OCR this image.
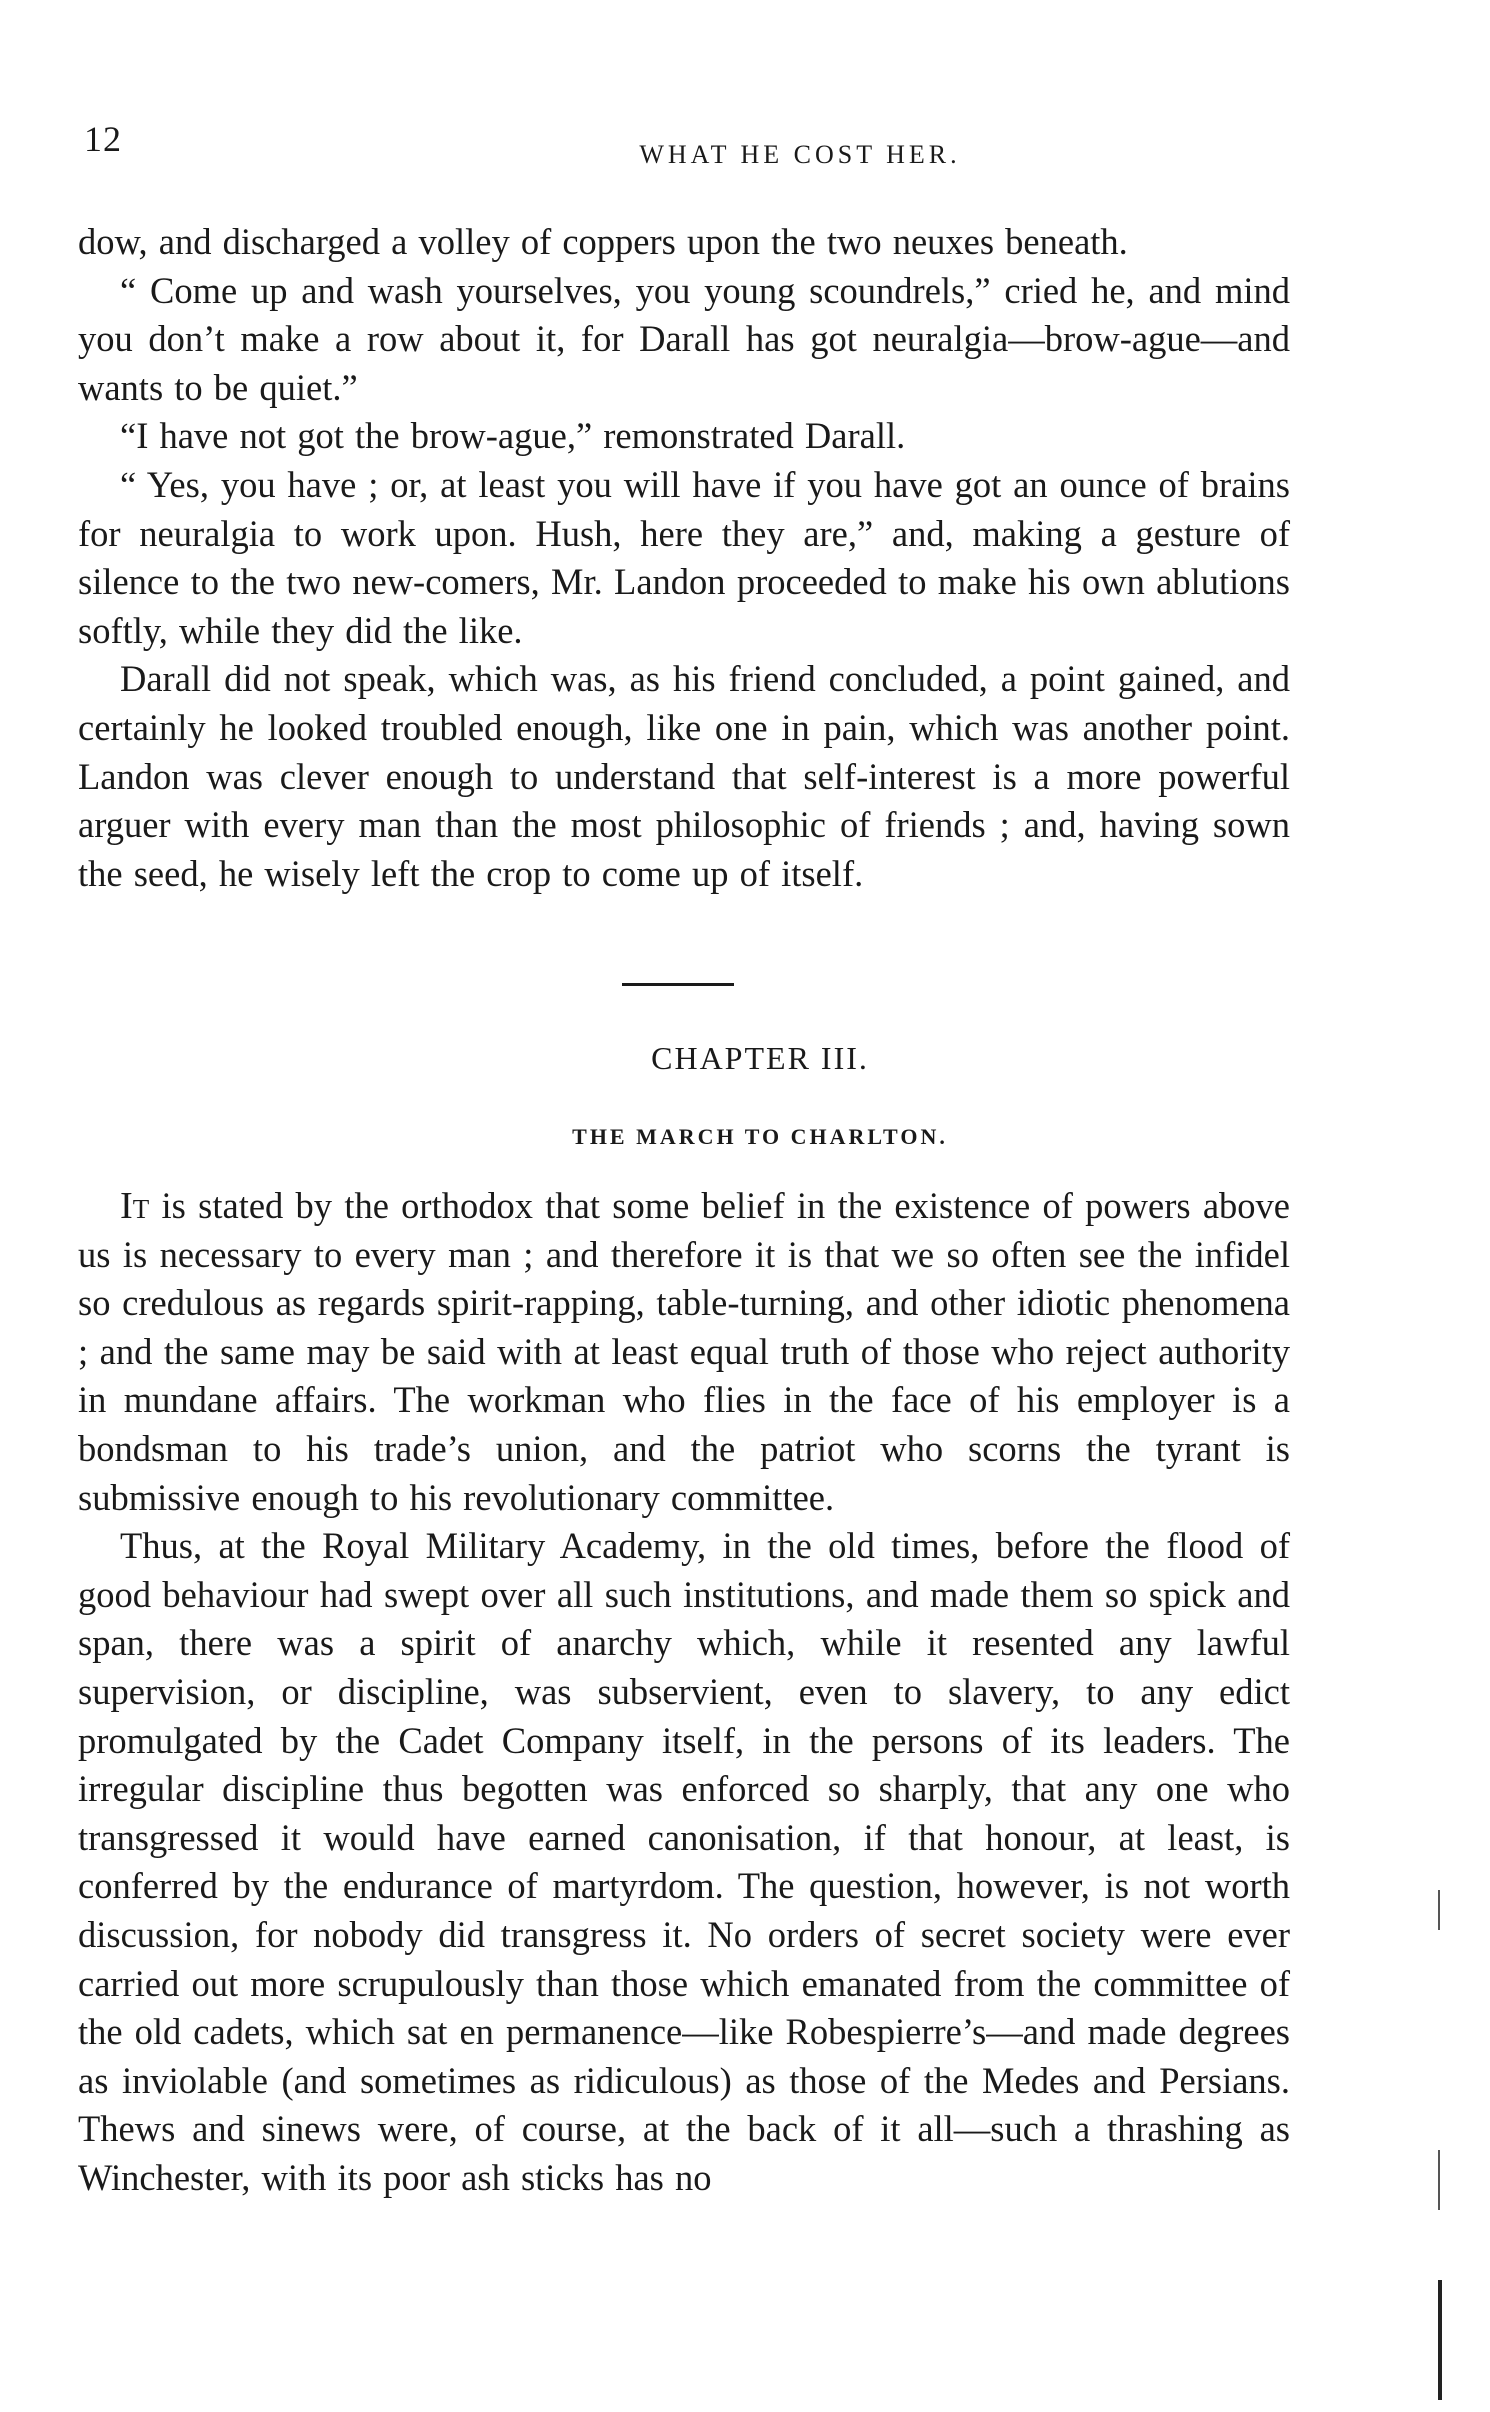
12	WHAT HE COST HER.

dow, and discharged a volley of coppers upon the two neuxes beneath.

“ Come up and wash yourselves, you young scoundrels,” cried he, and mind you don’t make a row about it, for Darall has got neuralgia—brow-ague—and wants to be quiet.”

“I have not got the brow-ague,” remonstrated Darall.

“ Yes, you have ; or, at least you will have if you have got an ounce of brains for neuralgia to work upon. Hush, here they are,” and, making a gesture of silence to the two new-comers, Mr. Landon proceeded to make his own ablutions softly, while they did the like.

Darall did not speak, which was, as his friend concluded, a point gained, and certainly he looked troubled enough, like one in pain, which was another point. Landon was clever enough to understand that self-interest is a more powerful arguer with every man than the most philosophic of friends ; and, having sown the seed, he wisely left the crop to come up of itself.

CHAPTER III.
THE MARCH TO CHARLTON.

It is stated by the orthodox that some belief in the existence of powers above us is necessary to every man ; and therefore it is that we so often see the infidel so credulous as regards spirit-rapping, table-turning, and other idiotic phenomena ; and the same may be said with at least equal truth of those who reject authority in mundane affairs. The workman who flies in the face of his employer is a bondsman to his trade’s union, and the patriot who scorns the tyrant is submissive enough to his revolutionary committee.

Thus, at the Royal Military Academy, in the old times, before the flood of good behaviour had swept over all such institutions, and made them so spick and span, there was a spirit of anarchy which, while it resented any lawful supervision, or discipline, was subservient, even to slavery, to any edict promulgated by the Cadet Company itself, in the persons of its leaders. The irregular discipline thus begotten was enforced so sharply, that any one who transgressed it would have earned canonisation, if that honour, at least, is conferred by the endurance of martyrdom. The question, however, is not worth discussion, for nobody did transgress it. No orders of secret society were ever carried out more scrupulously than those which emanated from the committee of the old cadets, which sat en permanence—like Robespierre’s—and made degrees as inviolable (and sometimes as ridiculous) as those of the Medes and Persians. Thews and sinews were, of course, at the back of it all—such a thrashing as Winchester, with its poor ash sticks has no
